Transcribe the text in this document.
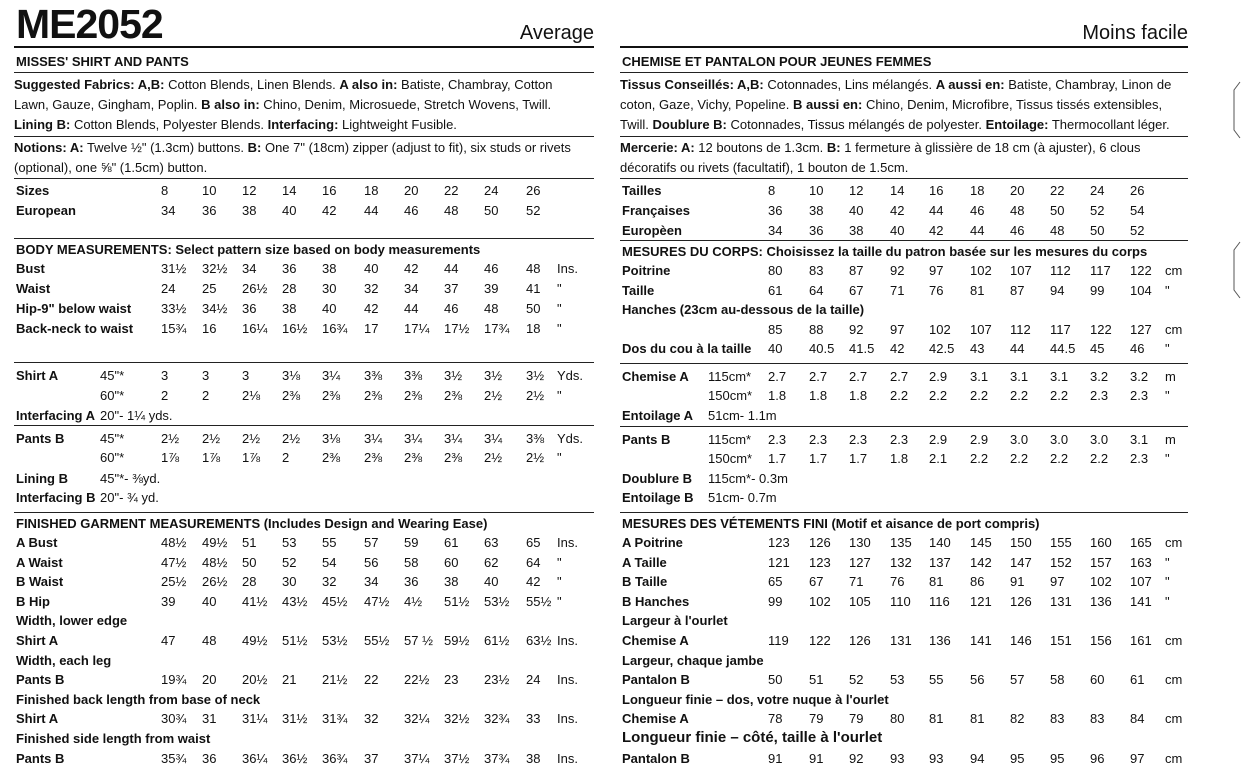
ME2052	Average
MISSES' SHIRT AND PANTS
Suggested Fabrics: A,B: Cotton Blends, Linen Blends. A also in: Batiste, Chambray, Cotton Lawn, Gauze, Gingham, Poplin. B also in: Chino, Denim, Microsuede, Stretch Wovens, Twill. Lining B: Cotton Blends, Polyester Blends. Interfacing: Lightweight Fusible.
Notions: A: Twelve ½" (1.3cm) buttons. B: One 7" (18cm) zipper (adjust to fit), six studs or rivets (optional), one ⅝" (1.5cm) button.
Sizes	8	10 12 14 16 18 20 22 24 26
European	34 36 38 40 42 44 46 48 50 52
BODY MEASUREMENTS: Select pattern size based on body measurements
Bust	31½ 32½ 34 36 38 40 42 44 46 48 Ins.
Waist	24 25 26½ 28 30 32 34 37 39 41 "
Hip-9" below waist 33½ 34½ 36 38 40 42 44 46 48 50 "
Back-neck to waist 15¾ 16 16¼ 16½ 16¾ 17 17¼ 17½ 17¾ 18 "
Shirt A	45"*	3	3	3	3⅛ 3¼ 3⅜ 3⅜ 3½ 3½ 3½ Yds.
60"*	2	2	2⅛ 2⅜ 2⅜ 2⅜ 2⅜ 2⅜ 2½ 2½ "
Interfacing A 20"- 1¼ yds.
Pants B	45"*	2½ 2½ 2½ 2½ 3⅛ 3¼ 3¼ 3¼ 3¼ 3⅜ Yds.
60"*	1⅞ 1⅞ 1⅞ 2	2⅜ 2⅜ 2⅜ 2⅜ 2½ 2½ "
Lining B 45"*- ⅜yd.
Interfacing B 20"- ¾ yd.
FINISHED GARMENT MEASUREMENTS (Includes Design and Wearing Ease)
A Bust	48½ 49½ 51 53 55 57 59 61 63 65 Ins.
A Waist	47½ 48½ 50 52 54 56 58 60 62 64 "
B Waist	25½ 26½ 28 30 32 34 36 38 40 42 "
B Hip	39 40 41½ 43½ 45½ 47½ 4½ 51½ 53½ 55½ "
Width, lower edge
Shirt A	47 48 49½ 51½ 53½ 55½ 57 ½ 59½ 61½ 63½ Ins.
Width, each leg
Pants B	19¾ 20 20½ 21 21½ 22 22½ 23 23½ 24 Ins.
Finished back length from base of neck
Shirt A	30¾ 31 31¼ 31½ 31¾ 32 32¼ 32½ 32¾ 33 Ins.
Finished side length from waist
Pants B	35¾ 36 36¼ 36½ 36¾ 37 37¼ 37½ 37¾ 38 Ins.
Moins facile
CHEMISE ET PANTALON POUR JEUNES FEMMES
Tissus Conseillés: A,B: Cotonnades, Lins mélangés. A aussi en: Batiste, Chambray, Linon de coton, Gaze, Vichy, Popeline. B aussi en: Chino, Denim, Microfibre, Tissus tissés extensibles, Twill. Doublure B: Cotonnades, Tissus mélangés de polyester. Entoilage: Thermocollant léger.
Mercerie: A: 12 boutons de 1.3cm. B: 1 fermeture à glissière de 18 cm (à ajuster), 6 clous décoratifs ou rivets (facultatif), 1 bouton de 1.5cm.
Tailles	8	10 12 14 16 18 20 22 24 26
Françaises	36 38 40 42 44 46 48 50 52 54
Europèen	34 36 38 40 42 44 46 48 50 52
MESURES DU CORPS: Choisissez la taille du patron basée sur les mesures du corps
Poitrine	80 83 87 92 97 102 107 112 117 122 cm
Taille	61 64 67 71 76 81 87 94 99 104 "
Hanches (23cm au-dessous de la taille)
85 88 92 97 102 107 112 117 122 127 cm
Dos du cou à la taille 40 40.5 41.5 42 42.5 43 44 44.5 45 46 "
Chemise A 115cm* 2.7 2.7 2.7 2.7 2.9 3.1 3.1 3.1 3.2 3.2 m
150cm* 1.8 1.8 1.8 2.2 2.2 2.2 2.2 2.2 2.3 2.3 "
Entoilage A 51cm- 1.1m
Pants B	115cm* 2.3 2.3 2.3 2.3 2.9 2.9 3.0 3.0 3.0 3.1 m
150cm* 1.7 1.7 1.7 1.8 2.1 2.2 2.2 2.2 2.2 2.3 "
Doublure B 115cm*- 0.3m
Entoilage B 51cm- 0.7m
MESURES DES VÉTEMENTS FINI (Motif et aisance de port compris)
A Poitrine	123 126 130 135 140 145 150 155 160 165 cm
A Taille	121 123 127 132 137 142 147 152 157 163 "
B Taille	65 67 71 76 81 86 91 97 102 107 "
B Hanches	99 102 105 110 116 121 126 131 136 141 "
Largeur à l'ourlet
Chemise A	119 122 126 131 136 141 146 151 156 161 cm
Largeur, chaque jambe
Pantalon B	50 51 52 53 55 56 57 58 60 61 cm
Longueur finie – dos, votre nuque à l'ourlet
Chemise A	78 79 79 80 81 81 82 83 83 84 cm
Longueur finie – côté, taille à l'ourlet
Pantalon B	91 91 92 93 93 94 95 95 96 97 cm
